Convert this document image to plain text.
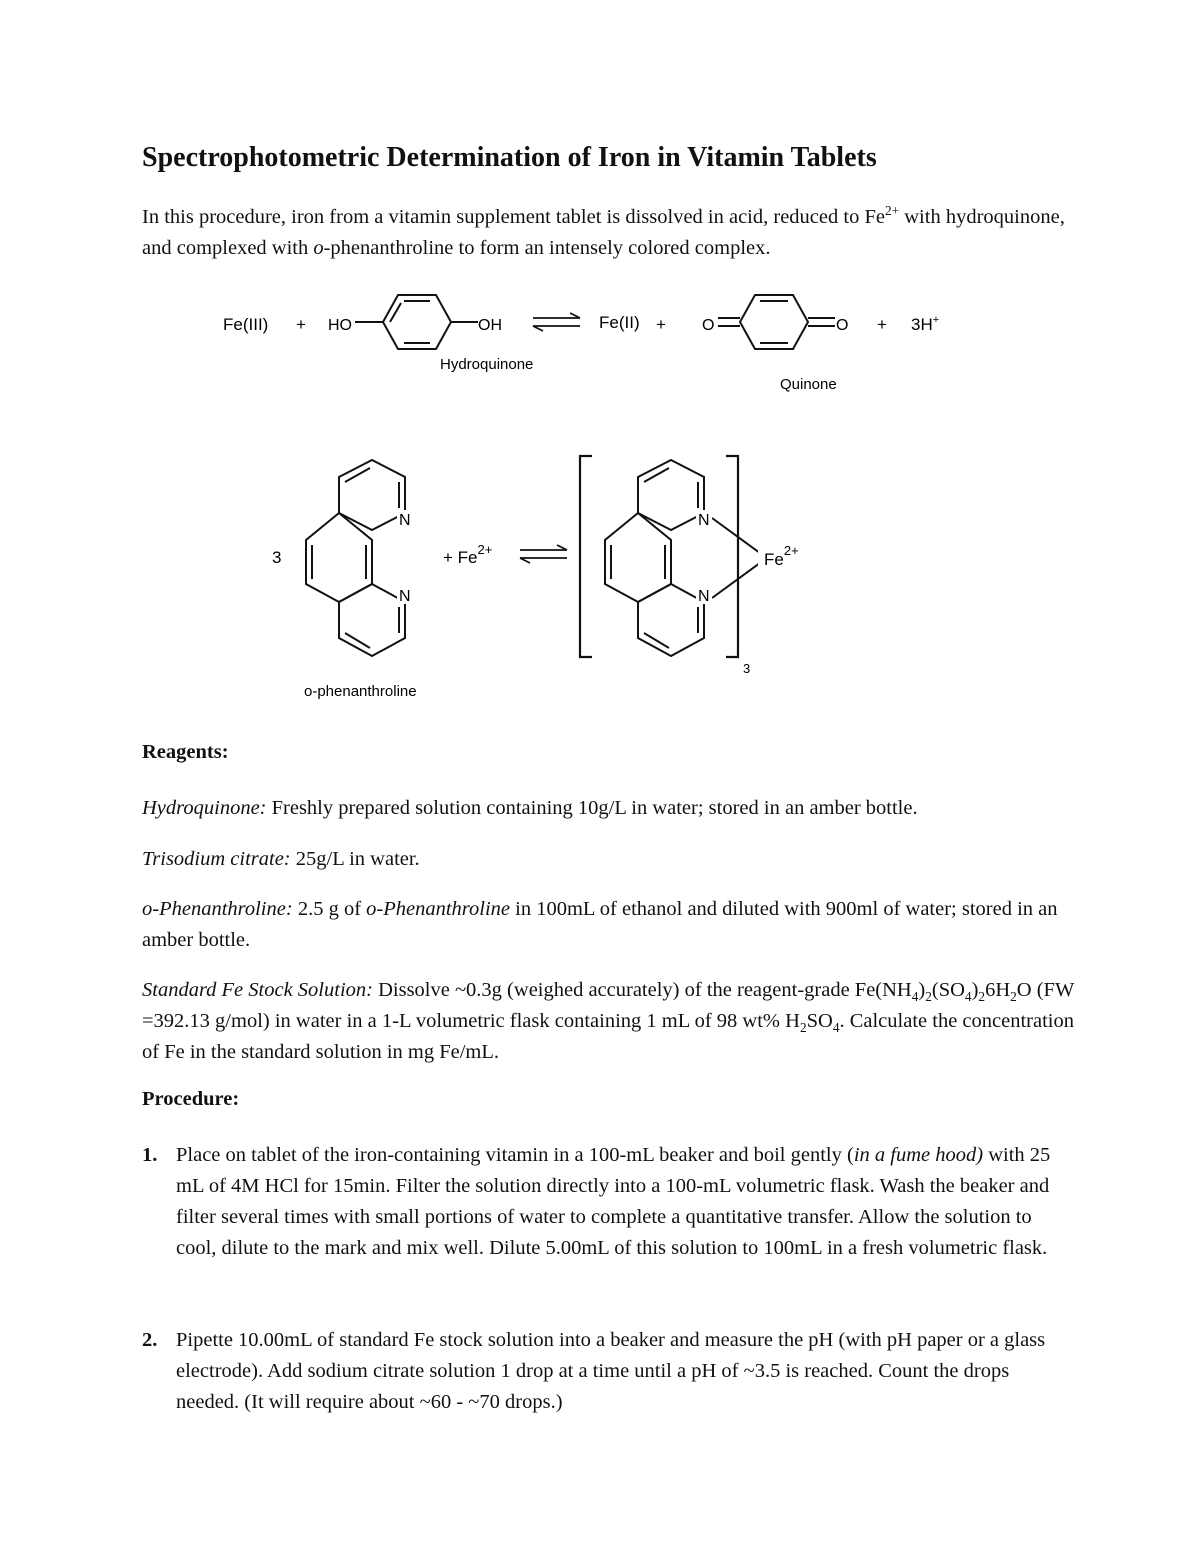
Spectrophotometric Determination of Iron in Vitamin Tablets

In this procedure, iron from a vitamin supplement tablet is dissolved in acid, reduced to $Fe^{2+}$ with hydroquinone, and complexed with o-phenanthroline to form an intensely colored complex.

Fe(III) + HO	OH
Hydroquinone
Fe(II) + O	O
Quinone
+ 3H+
3
N
N
o-phenanthroline
+ $Fe^{2+}$
3
N
N
$Fe^{2+}$
Reagents:

Hydroquinone: Freshly prepared solution containing 10g/L in water; stored in an amber bottle.

Trisodium citrate: 25g/L in water.

o-Phenanthroline: 2.5 g of o-Phenanthroline in 100mL of ethanol and diluted with 900ml of water; stored in an amber bottle.

Standard Fe Stock Solution: Dissolve ~0.3g (weighed accurately) of the reagent-grade $Fe(NH_4)_2(SO_4)_26H_2O$ (FW =392.13 g/mol) in water in a 1-L volumetric flask containing 1 mL of 98 wt% $H_2SO_4$. Calculate the concentration of Fe in the standard solution in mg Fe/mL.

Procedure:
1. Place on tablet of the iron-containing vitamin in a 100-mL beaker and boil gently (in a fume hood) with 25 mL of 4M HCl for 15min. Filter the solution directly into a 100-mL volumetric flask. Wash the beaker and filter several times with small portions of water to complete a quantitative transfer. Allow the solution to cool, dilute to the mark and mix well. Dilute 5.00mL of this solution to 100mL in a fresh volumetric flask.

2. Pipette 10.00mL of standard Fe stock solution into a beaker and measure the pH (with pH paper or a glass electrode). Add sodium citrate solution 1 drop at a time until a pH of ~3.5 is reached. Count the drops needed. (It will require about ~60 - ~70 drops.)
